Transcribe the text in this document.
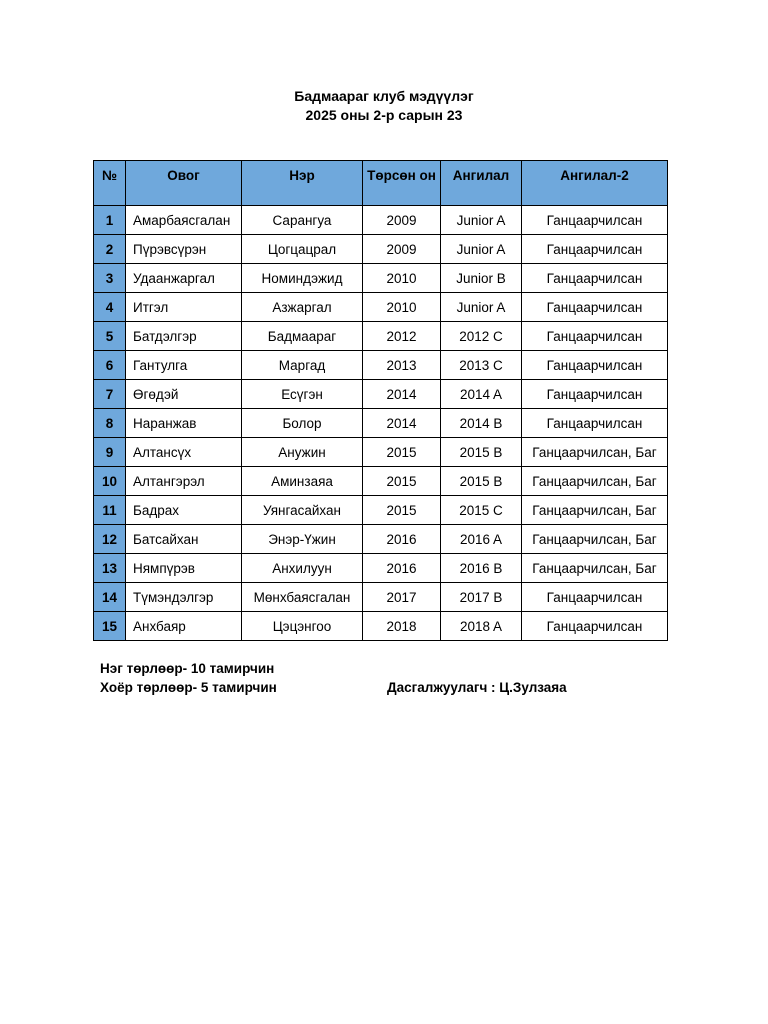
Бадмаараг клуб мэдүүлэг
2025 оны 2-р сарын 23
№	Овог	Нэр	Төрсөн он	Ангилал	Ангилал-2
1	Амарбаясгалан	Сарангуа	2009	Junior A	Ганцаарчилсан
2	Пүрэвсүрэн	Цогцацрал	2009	Junior A	Ганцаарчилсан
3	Удаанжаргал	Номиндэжид	2010	Junior B	Ганцаарчилсан
4	Итгэл	Азжаргал	2010	Junior A	Ганцаарчилсан
5	Батдэлгэр	Бадмаараг	2012	2012 C	Ганцаарчилсан
6	Гантулга	Маргад	2013	2013 C	Ганцаарчилсан
7	Өгөдэй	Есүгэн	2014	2014 A	Ганцаарчилсан
8	Наранжав	Болор	2014	2014 B	Ганцаарчилсан
9	Алтансүх	Анужин	2015	2015 B	Ганцаарчилсан, Баг
10	Алтангэрэл	Аминзаяа	2015	2015 B	Ганцаарчилсан, Баг
11	Бадрах	Уянгасайхан	2015	2015 C	Ганцаарчилсан, Баг
12	Батсайхан	Энэр-Үжин	2016	2016 A	Ганцаарчилсан, Баг
13	Нямпүрэв	Анхилуун	2016	2016 B	Ганцаарчилсан, Баг
14	Түмэндэлгэр	Мөнхбаясгалан	2017	2017 B	Ганцаарчилсан
15	Анхбаяр	Цэцэнгоо	2018	2018 A	Ганцаарчилсан
Нэг төрлөөр- 10 тамирчин
Хоёр төрлөөр- 5 тамирчин	Дасгалжуулагч : Ц.Зулзаяа
